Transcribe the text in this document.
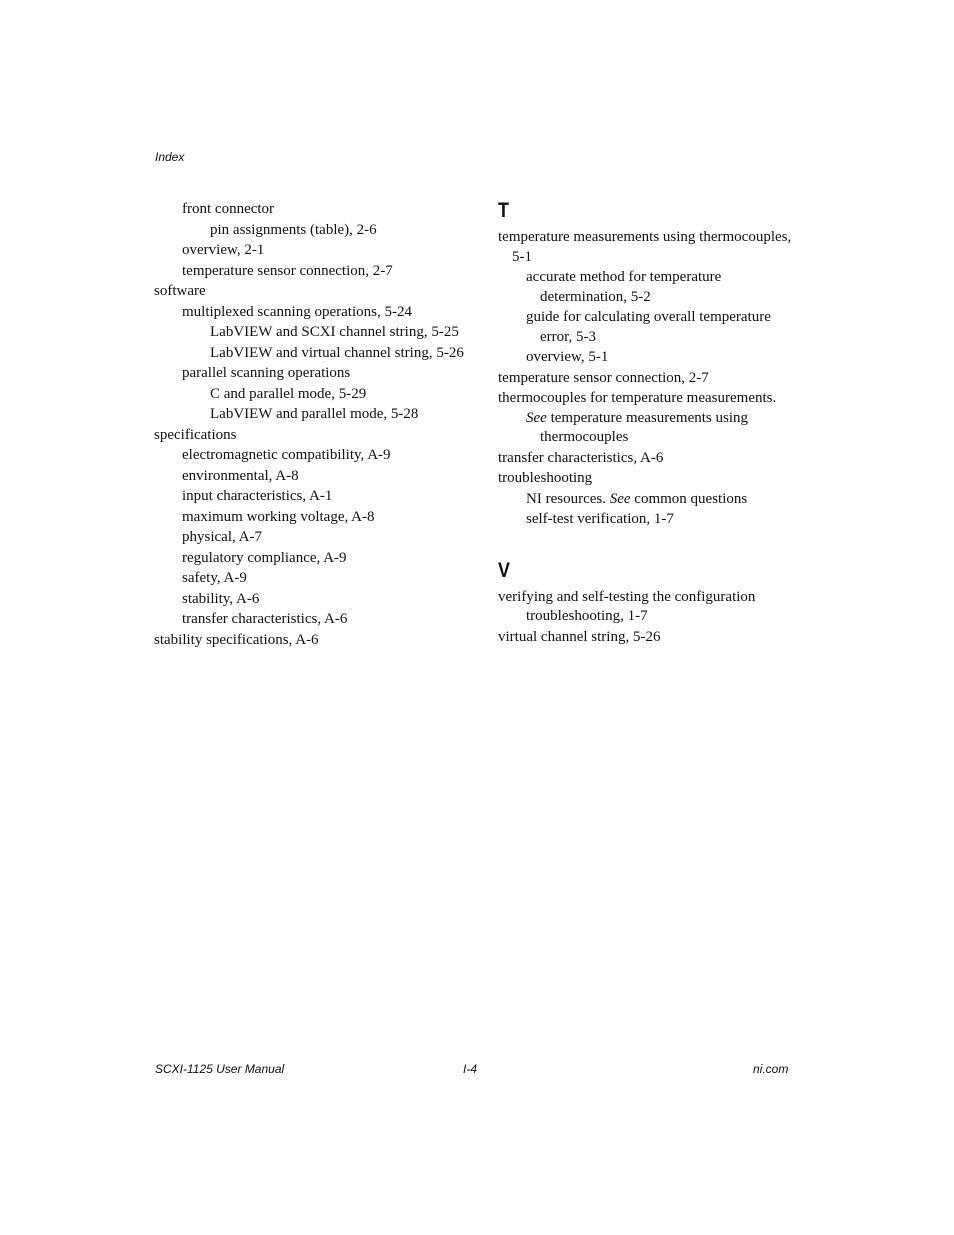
Index
front connector
pin assignments (table), 2-6
overview, 2-1
temperature sensor connection, 2-7
software
multiplexed scanning operations, 5-24
LabVIEW and SCXI channel string, 5-25
LabVIEW and virtual channel string, 5-26
parallel scanning operations
C and parallel mode, 5-29
LabVIEW and parallel mode, 5-28
specifications
electromagnetic compatibility, A-9
environmental, A-8
input characteristics, A-1
maximum working voltage, A-8
physical, A-7
regulatory compliance, A-9
safety, A-9
stability, A-6
transfer characteristics, A-6
stability specifications, A-6
T
temperature measurements using thermocouples, 5-1
accurate method for temperature determination, 5-2
guide for calculating overall temperature error, 5-3
overview, 5-1
temperature sensor connection, 2-7
thermocouples for temperature measurements.
See temperature measurements using thermocouples
transfer characteristics, A-6
troubleshooting
NI resources. See common questions
self-test verification, 1-7
V
verifying and self-testing the configuration
troubleshooting, 1-7
virtual channel string, 5-26
SCXI-1125 User Manual	I-4	ni.com
